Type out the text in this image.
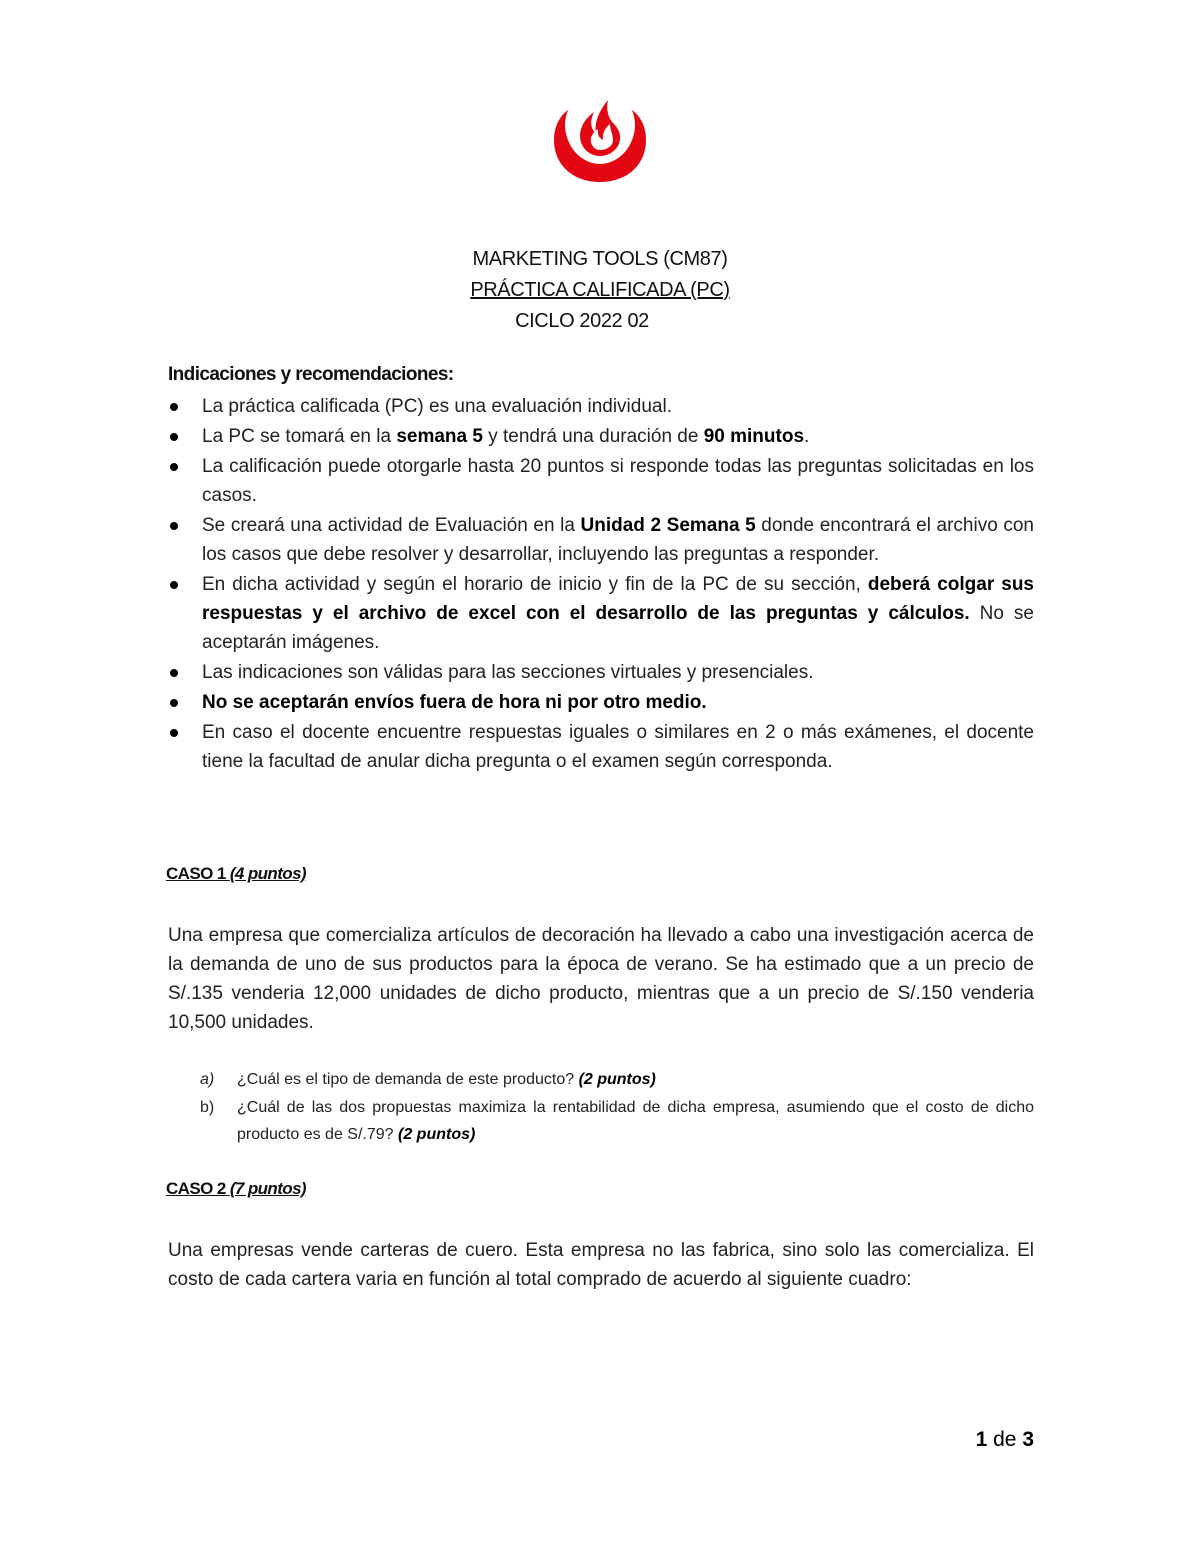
MARKETING TOOLS (CM87)
PRÁCTICA CALIFICADA (PC)
CICLO 2022 02
Indicaciones y recomendaciones:
La práctica calificada (PC) es una evaluación individual.
La PC se tomará en la semana 5 y tendrá una duración de 90 minutos.
La calificación puede otorgarle hasta 20 puntos si responde todas las preguntas solicitadas en los casos.
Se creará una actividad de Evaluación en la Unidad 2 Semana 5 donde encontrará el archivo con los casos que debe resolver y desarrollar, incluyendo las preguntas a responder.
En dicha actividad y según el horario de inicio y fin de la PC de su sección, deberá colgar sus respuestas y el archivo de excel con el desarrollo de las preguntas y cálculos. No se aceptarán imágenes.
Las indicaciones son válidas para las secciones virtuales y presenciales.
No se aceptarán envíos fuera de hora ni por otro medio.
En caso el docente encuentre respuestas iguales o similares en 2 o más exámenes, el docente tiene la facultad de anular dicha pregunta o el examen según corresponda.
CASO 1 (4 puntos)
Una empresa que comercializa artículos de decoración ha llevado a cabo una investigación acerca de la demanda de uno de sus productos para la época de verano. Se ha estimado que a un precio de S/.135 venderia 12,000 unidades de dicho producto, mientras que a un precio de S/.150 venderia 10,500 unidades.
a) ¿Cuál es el tipo de demanda de este producto? (2 puntos)
b) ¿Cuál de las dos propuestas maximiza la rentabilidad de dicha empresa, asumiendo que el costo de dicho producto es de S/.79? (2 puntos)
CASO 2 (7 puntos)
Una empresas vende carteras de cuero. Esta empresa no las fabrica, sino solo las comercializa. El costo de cada cartera varia en función al total comprado de acuerdo al siguiente cuadro:
1 de 3
